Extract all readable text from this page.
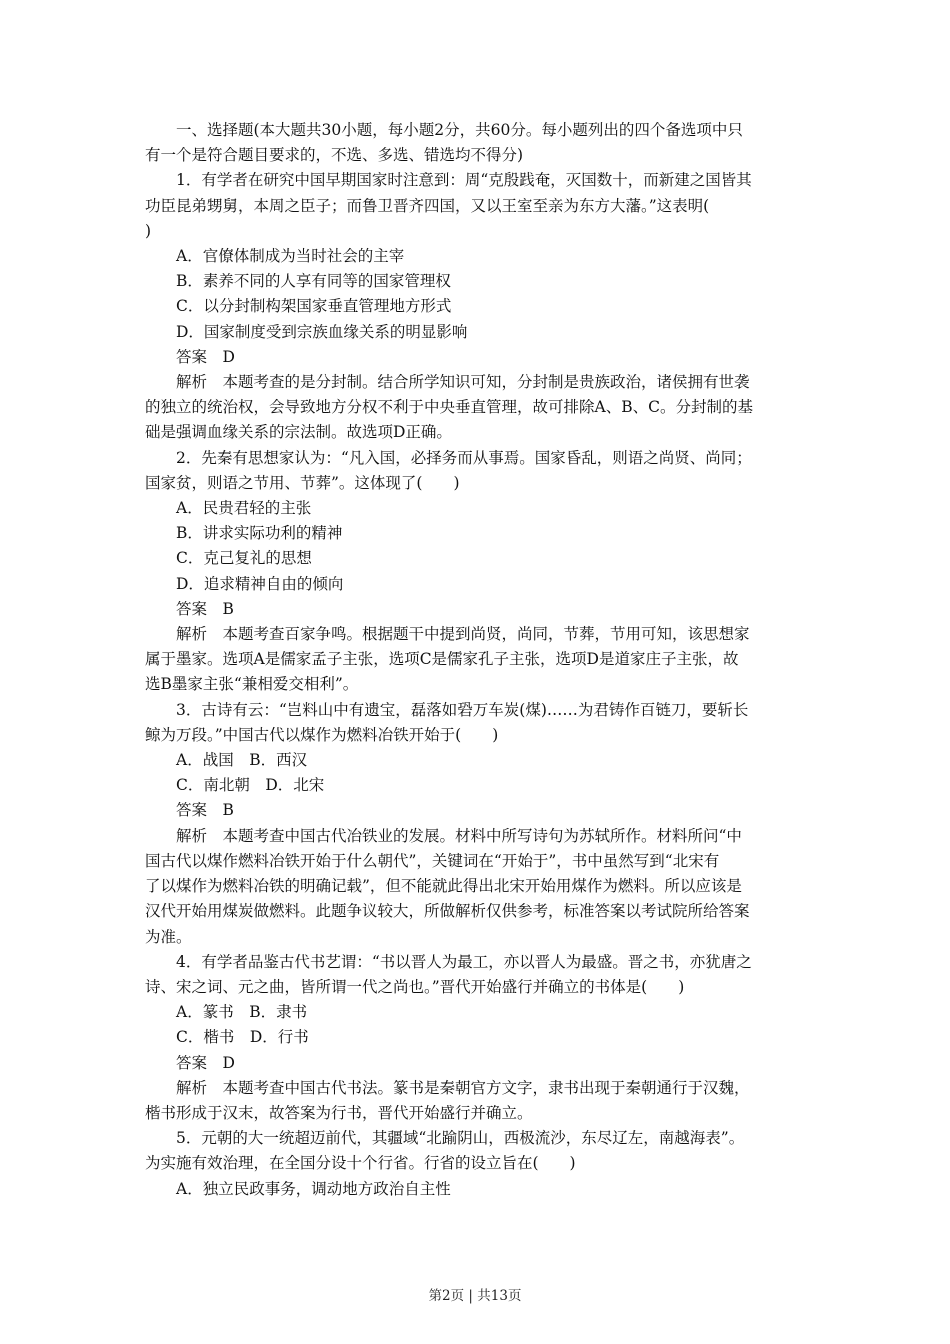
一、选择题(本大题共30小题，每小题2分，共60分。每小题列出的四个备选项中只

有一个是符合题目要求的，不选、多选、错选均不得分)

1．有学者在研究中国早期国家时注意到：周“克殷践奄，灭国数十，而新建之国皆其

功臣昆弟甥舅，本周之臣子；而鲁卫晋齐四国，又以王室至亲为东方大藩。”这表明(

)

A．官僚体制成为当时社会的主宰

B．素养不同的人享有同等的国家管理权

C．以分封制构架国家垂直管理地方形式

D．国家制度受到宗族血缘关系的明显影响

答案　D

解析　本题考查的是分封制。结合所学知识可知，分封制是贵族政治，诸侯拥有世袭

的独立的统治权，会导致地方分权不利于中央垂直管理，故可排除A、B、C。分封制的基

础是强调血缘关系的宗法制。故选项D正确。

2．先秦有思想家认为：“凡入国，必择务而从事焉。国家昏乱，则语之尚贤、尚同；

国家贫，则语之节用、节葬”。这体现了(　　)

A．民贵君轻的主张

B．讲求实际功利的精神

C．克己复礼的思想

D．追求精神自由的倾向

答案　B

解析　本题考查百家争鸣。根据题干中提到尚贤，尚同，节葬，节用可知，该思想家

属于墨家。选项A是儒家孟子主张，选项C是儒家孔子主张，选项D是道家庄子主张，故

选B墨家主张“兼相爱交相利”。

3．古诗有云：“岂料山中有遗宝，磊落如䂬万车炭(煤)……为君铸作百链刀，要斩长

鲸为万段。”中国古代以煤作为燃料冶铁开始于(　　)

A．战国　B．西汉

C．南北朝　D．北宋

答案　B

解析　本题考查中国古代冶铁业的发展。材料中所写诗句为苏轼所作。材料所问“中

国古代以煤作燃料冶铁开始于什么朝代”，关键词在“开始于”，书中虽然写到“北宋有

了以煤作为燃料冶铁的明确记载”，但不能就此得出北宋开始用煤作为燃料。所以应该是

汉代开始用煤炭做燃料。此题争议较大，所做解析仅供参考，标准答案以考试院所给答案

为准。

4．有学者品鉴古代书艺谓：“书以晋人为最工，亦以晋人为最盛。晋之书，亦犹唐之

诗、宋之词、元之曲，皆所谓一代之尚也。”晋代开始盛行并确立的书体是(　　)

A．篆书　B．隶书

C．楷书　D．行书

答案　D

解析　本题考查中国古代书法。篆书是秦朝官方文字，隶书出现于秦朝通行于汉魏，

楷书形成于汉末，故答案为行书，晋代开始盛行并确立。

5．元朝的大一统超迈前代，其疆域“北踰阴山，西极流沙，东尽辽左，南越海表”。

为实施有效治理，在全国分设十个行省。行省的设立旨在(　　)

A．独立民政事务，调动地方政治自主性

第2页 | 共13页
